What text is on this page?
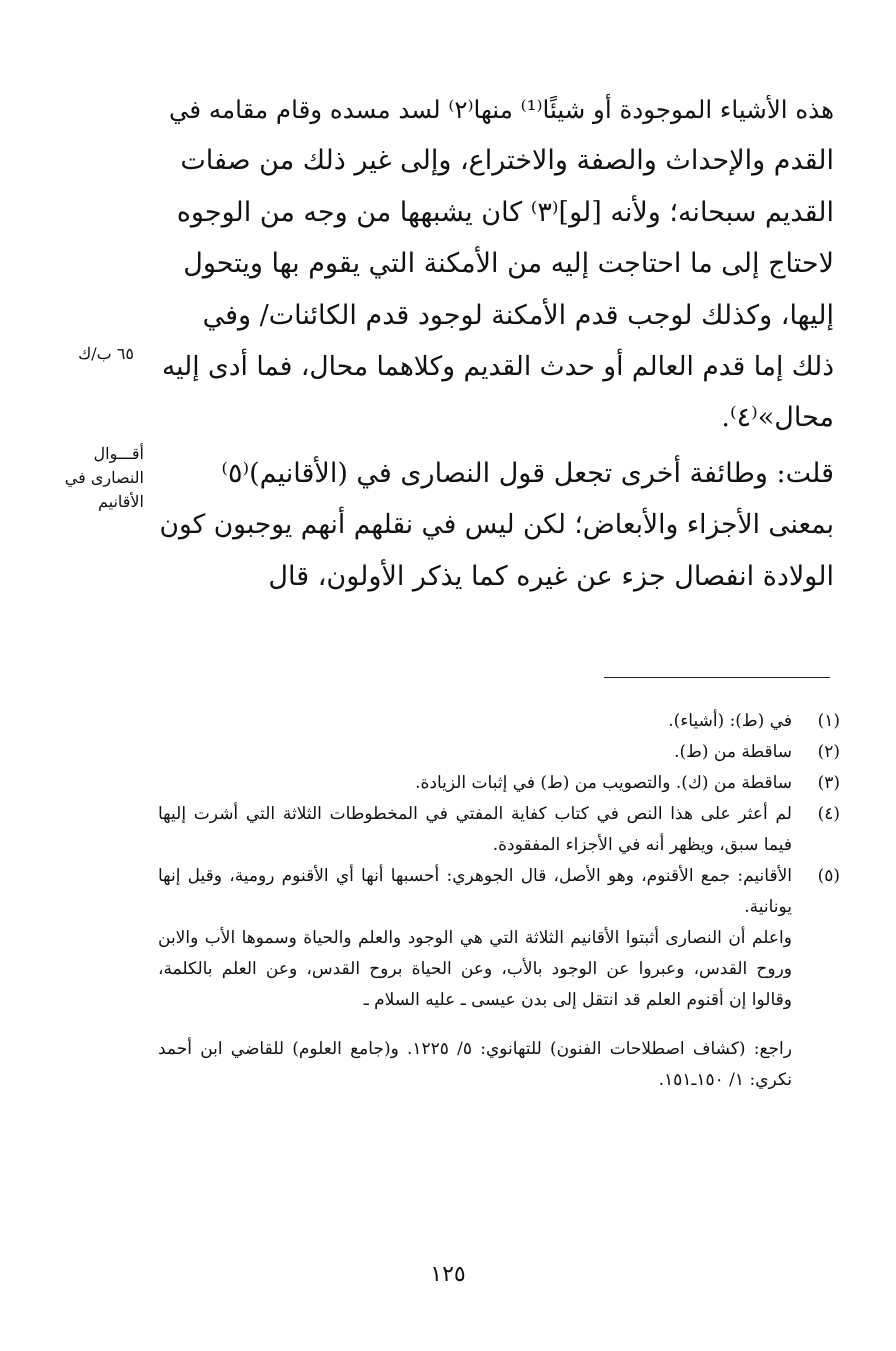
هذه الأشياء الموجودة أو شيئًا⁽¹⁾ منها⁽٢⁾ لسد مسده وقام مقامه في
القدم والإحداث والصفة والاختراع، وإلى غير ذلك من صفات
القديم سبحانه؛ ولأنه [لو]⁽٣⁾ كان يشبهها من وجه من الوجوه
لاحتاج إلى ما احتاجت إليه من الأمكنة التي يقوم بها ويتحول
إليها، وكذلك لوجب قدم الأمكنة لوجود قدم الكائنات/ وفي
ذلك إما قدم العالم أو حدث القديم وكلاهما محال، فما أدى إليه
محال»⁽٤⁾.
قلت: وطائفة أخرى تجعل قول النصارى في (الأقانيم)⁽٥⁾
بمعنى الأجزاء والأبعاض؛ لكن ليس في نقلهم أنهم يوجبون كون
الولادة انفصال جزء عن غيره كما يذكر الأولون، قال
٦٥ ب/ك
أقـــوال
النصارى في
الأقانيم
(١)
في (ط): (أشياء).
(٢)
ساقطة من (ط).
(٣)
ساقطة من (ك). والتصويب من (ط) في إثبات الزيادة.
(٤)
لم أعثر على هذا النص في كتاب كفاية المفتي في المخطوطات الثلاثة التي أشرت إليها فيما سبق، ويظهر أنه في الأجزاء المفقودة.
(٥)
الأقانيم: جمع الأقنوم، وهو الأصل، قال الجوهري: أحسبها أنها أي الأقنوم رومية، وقيل إنها يونانية.
واعلم أن النصارى أثبتوا الأقانيم الثلاثة التي هي الوجود والعلم والحياة وسموها الأب والابن وروح القدس، وعبروا عن الوجود بالأب، وعن الحياة بروح القدس، وعن العلم بالكلمة، وقالوا إن أقنوم العلم قد انتقل إلى بدن عيسى ـ عليه السلام ـ
راجع: (كشاف اصطلاحات الفنون) للتهانوي: ٥/ ١٢٢٥. و(جامع العلوم) للقاضي ابن أحمد نكري: ١/ ١٥٠ـ١٥١.
١٢٥
